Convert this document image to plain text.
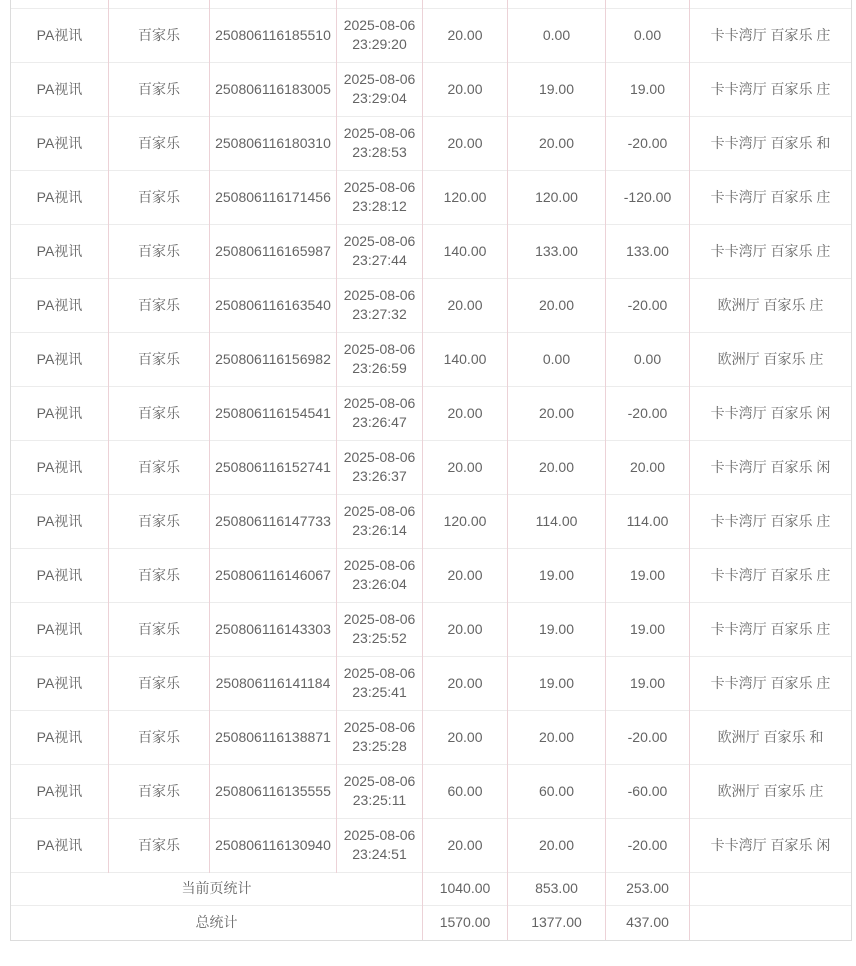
PA视讯	百家乐	250806116185510	2025-08-06 23:29:20	20.00	0.00	0.00	卡卡湾厅 百家乐 庄
PA视讯	百家乐	250806116183005	2025-08-06 23:29:04	20.00	19.00	19.00	卡卡湾厅 百家乐 庄
PA视讯	百家乐	250806116180310	2025-08-06 23:28:53	20.00	20.00	-20.00	卡卡湾厅 百家乐 和
PA视讯	百家乐	250806116171456	2025-08-06 23:28:12	120.00	120.00	-120.00	卡卡湾厅 百家乐 庄
PA视讯	百家乐	250806116165987	2025-08-06 23:27:44	140.00	133.00	133.00	卡卡湾厅 百家乐 庄
PA视讯	百家乐	250806116163540	2025-08-06 23:27:32	20.00	20.00	-20.00	欧洲厅 百家乐 庄
PA视讯	百家乐	250806116156982	2025-08-06 23:26:59	140.00	0.00	0.00	欧洲厅 百家乐 庄
PA视讯	百家乐	250806116154541	2025-08-06 23:26:47	20.00	20.00	-20.00	卡卡湾厅 百家乐 闲
PA视讯	百家乐	250806116152741	2025-08-06 23:26:37	20.00	20.00	20.00	卡卡湾厅 百家乐 闲
PA视讯	百家乐	250806116147733	2025-08-06 23:26:14	120.00	114.00	114.00	卡卡湾厅 百家乐 庄
PA视讯	百家乐	250806116146067	2025-08-06 23:26:04	20.00	19.00	19.00	卡卡湾厅 百家乐 庄
PA视讯	百家乐	250806116143303	2025-08-06 23:25:52	20.00	19.00	19.00	卡卡湾厅 百家乐 庄
PA视讯	百家乐	250806116141184	2025-08-06 23:25:41	20.00	19.00	19.00	卡卡湾厅 百家乐 庄
PA视讯	百家乐	250806116138871	2025-08-06 23:25:28	20.00	20.00	-20.00	欧洲厅 百家乐 和
PA视讯	百家乐	250806116135555	2025-08-06 23:25:11	60.00	60.00	-60.00	欧洲厅 百家乐 庄
PA视讯	百家乐	250806116130940	2025-08-06 23:24:51	20.00	20.00	-20.00	卡卡湾厅 百家乐 闲
当前页统计				1040.00	853.00	253.00	
总统计				1570.00	1377.00	437.00	
